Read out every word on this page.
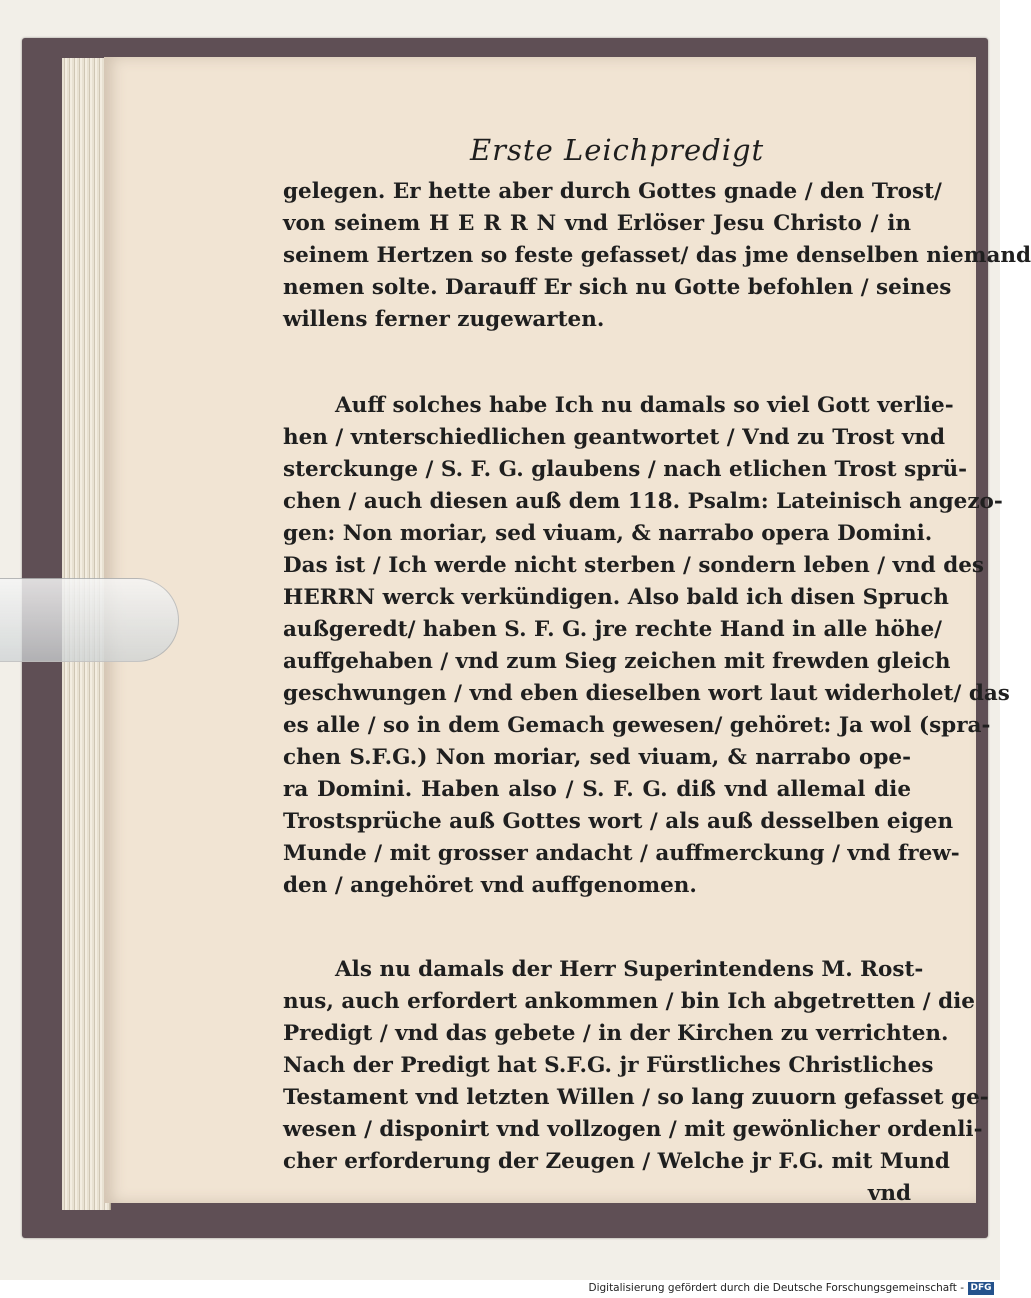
Erste Leichpredigt
gelegen. Er hette aber durch Gottes gnade / den Trost/
von seinem H E R R N vnd Erlöser Jesu Christo / in
seinem Hertzen so feste gefasset/ das jme denselben niemand
nemen solte. Darauff Er sich nu Gotte befohlen / seines
willens ferner zugewarten.
Auff solches habe Ich nu damals so viel Gott verlie-
hen / vnterschiedlichen geantwortet / Vnd zu Trost vnd
sterckunge / S. F. G. glaubens / nach etlichen Trost sprü-
chen / auch diesen auß dem 118. Psalm: Lateinisch angezo-
gen: Non moriar, sed viuam, & narrabo opera Domini.
Das ist / Ich werde nicht sterben / sondern leben / vnd des
HERRN werck verkündigen. Also bald ich disen Spruch
außgeredt/ haben S. F. G. jre rechte Hand in alle höhe/
auffgehaben / vnd zum Sieg zeichen mit frewden gleich
geschwungen / vnd eben dieselben wort laut widerholet/ das
es alle / so in dem Gemach gewesen/ gehöret: Ja wol (spra-
chen S.F.G.) Non moriar, sed viuam, & narrabo ope-
ra Domini. Haben also / S. F. G. diß vnd allemal die
Trostsprüche auß Gottes wort / als auß desselben eigen
Munde / mit grosser andacht / auffmerckung / vnd frew-
den / angehöret vnd auffgenomen.
Als nu damals der Herr Superintendens M. Rost-
nus, auch erfordert ankommen / bin Ich abgetretten / die
Predigt / vnd das gebete / in der Kirchen zu verrichten.
Nach der Predigt hat S.F.G. jr Fürstliches Christliches
Testament vnd letzten Willen / so lang zuuorn gefasset ge-
wesen / disponirt vnd vollzogen / mit gewönlicher ordenli-
cher erforderung der Zeugen / Welche jr F.G. mit Mund
vnd
Digitalisierung gefördert durch die Deutsche Forschungsgemeinschaft - DFG
